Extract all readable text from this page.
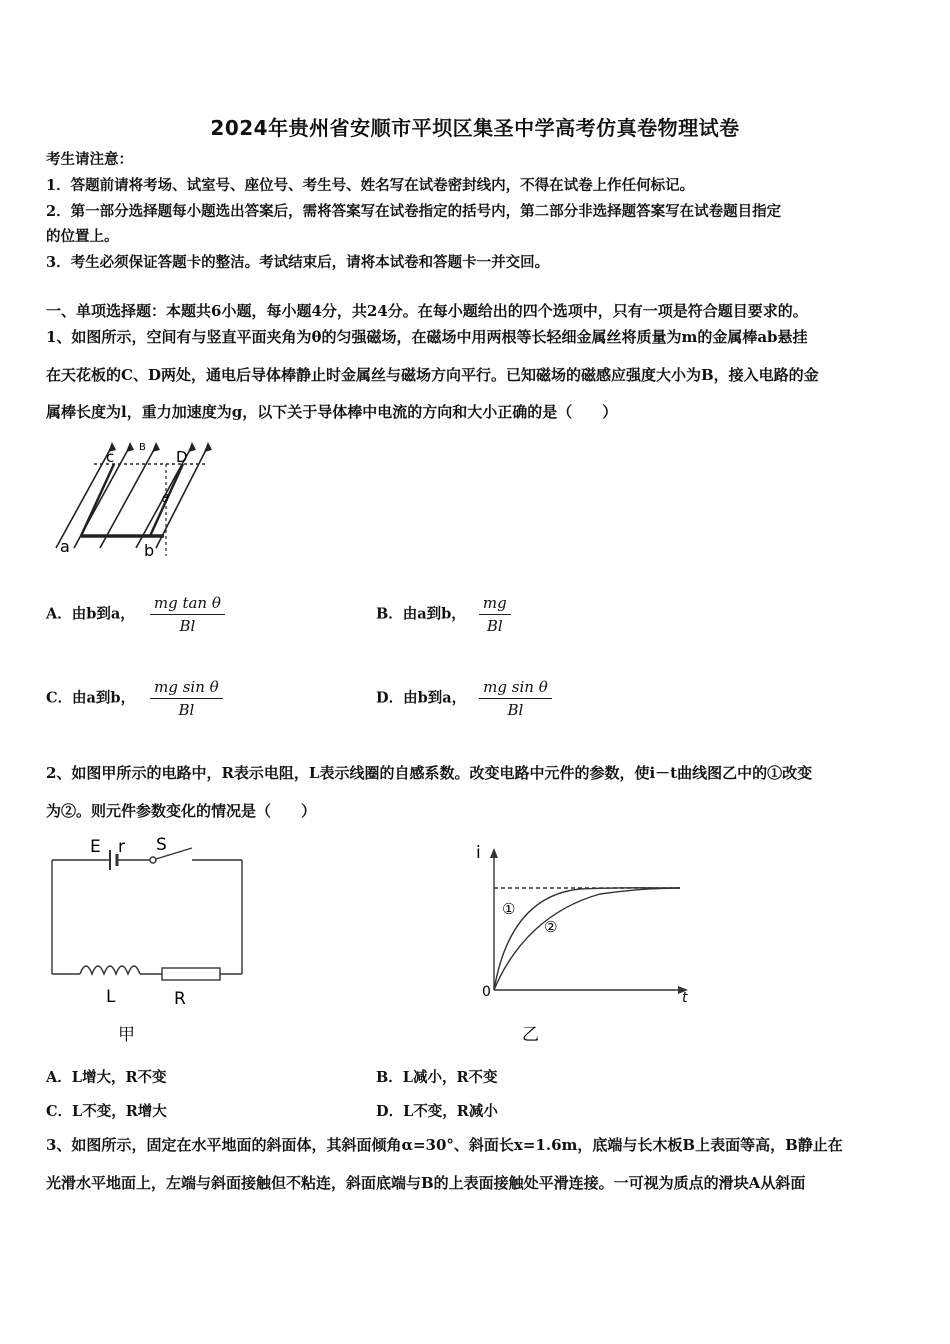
2024年贵州省安顺市平坝区集圣中学高考仿真卷物理试卷
考生请注意：
1．答题前请将考场、试室号、座位号、考生号、姓名写在试卷密封线内，不得在试卷上作任何标记。
2．第一部分选择题每小题选出答案后，需将答案写在试卷指定的括号内，第二部分非选择题答案写在试卷题目指定
的位置上。
3．考生必须保证答题卡的整洁。考试结束后，请将本试卷和答题卡一并交回。
一、单项选择题：本题共6小题，每小题4分，共24分。在每小题给出的四个选项中，只有一项是符合题目要求的。
1、如图所示，空间有与竖直平面夹角为θ的匀强磁场，在磁场中用两根等长轻细金属丝将质量为m的金属棒ab悬挂
在天花板的C、D两处，通电后导体棒静止时金属丝与磁场方向平行。已知磁场的磁感应强度大小为B，接入电路的金
属棒长度为l，重力加速度为g，以下关于导体棒中电流的方向和大小正确的是（　　）
c
B
D
θ
a	b
A．由b到a， $\frac{\text{mg tan θ}}{Bl}$	B．由a到b， $\frac{mg}{Bl}$
C．由a到b， $\frac{\text{mg sin θ}}{Bl}$	D．由b到a， $\frac{\text{mg sin θ}}{Bl}$
2、如图甲所示的电路中，R表示电阻，L表示线圈的自感系数。改变电路中元件的参数，使i－t曲线图乙中的①改变
为②。则元件参数变化的情况是（　　）
E r S
L	R
甲
i
t
0
①
②
乙
A．L增大，R不变	B．L减小，R不变
C．L不变，R增大	D．L不变，R减小
3、如图所示，固定在水平地面的斜面体，其斜面倾角α=30°、斜面长x=1.6m，底端与长木板B上表面等高，B静止在
光滑水平地面上，左端与斜面接触但不粘连，斜面底端与B的上表面接触处平滑连接。一可视为质点的滑块A从斜面
